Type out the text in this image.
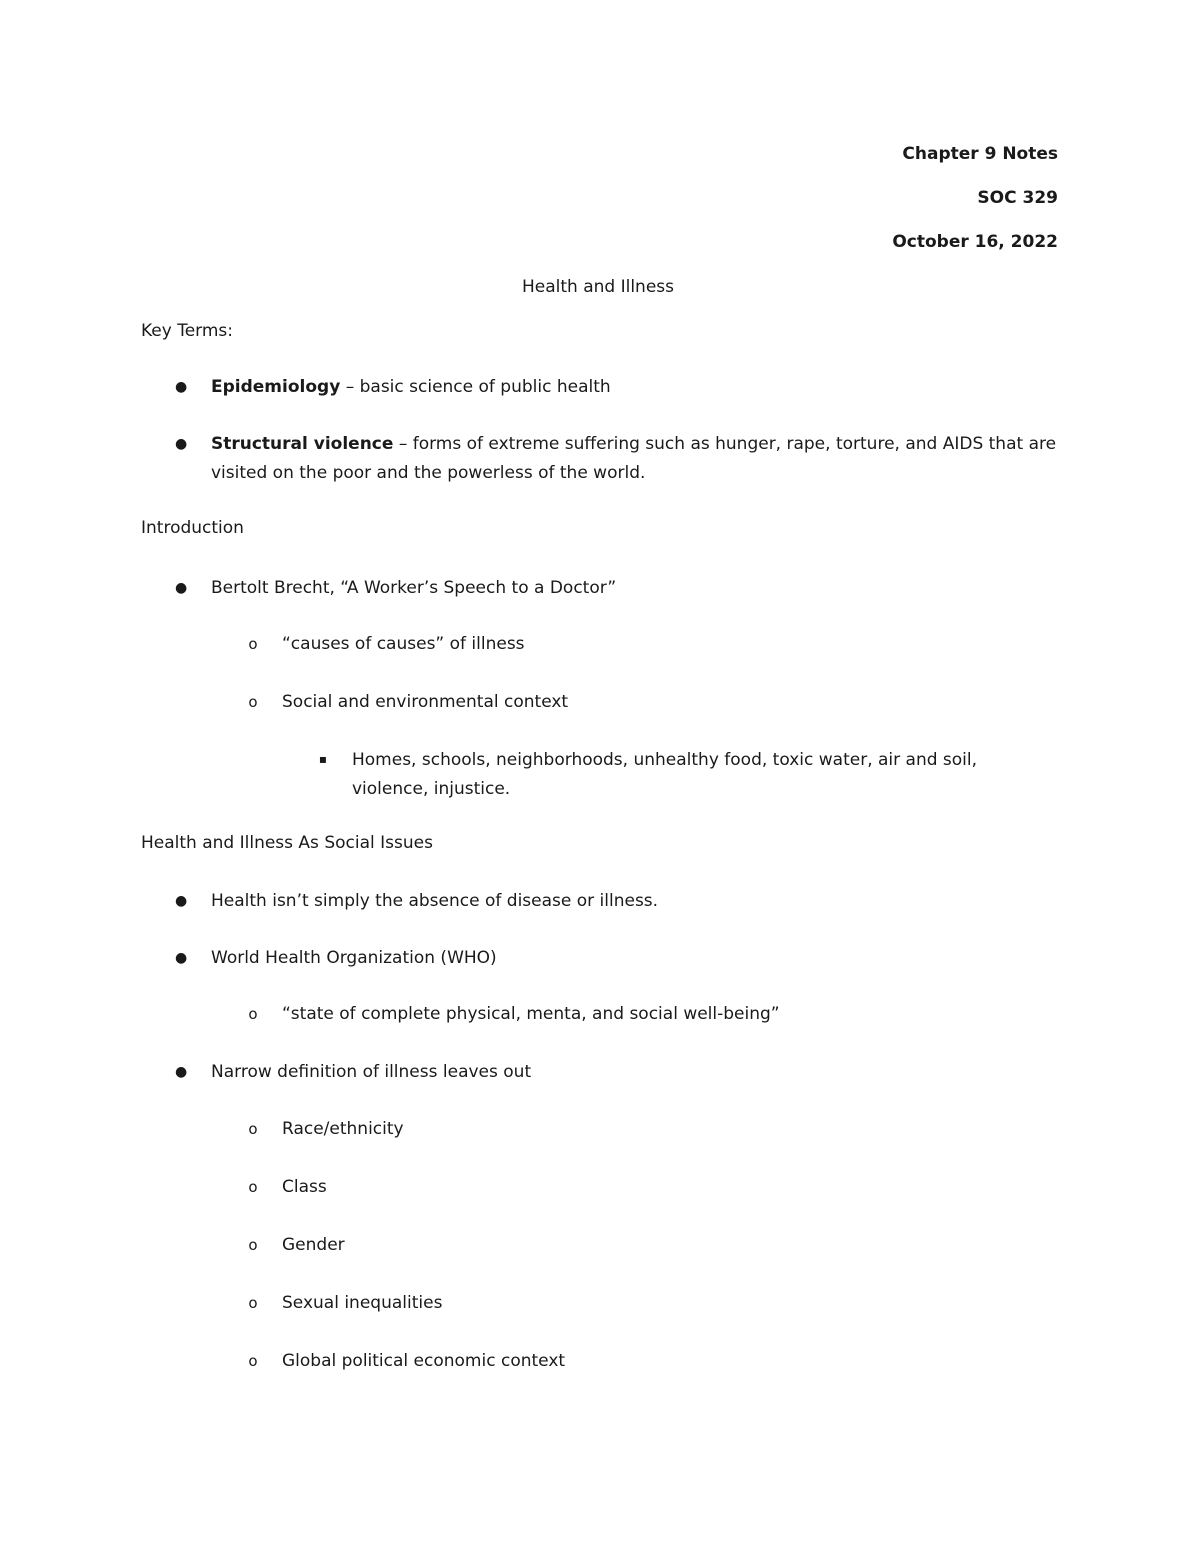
Chapter 9 Notes
SOC 329
October 16, 2022
Health and Illness
Key Terms:
● Epidemiology – basic science of public health
● Structural violence – forms of extreme suffering such as hunger, rape, torture, and AIDS that are visited on the poor and the powerless of the world.
Introduction
● Bertolt Brecht, “A Worker’s Speech to a Doctor”
o “causes of causes” of illness
o Social and environmental context
▪ Homes, schools, neighborhoods, unhealthy food, toxic water, air and soil, violence, injustice.
Health and Illness As Social Issues
● Health isn’t simply the absence of disease or illness.
● World Health Organization (WHO)
o “state of complete physical, menta, and social well-being”
● Narrow definition of illness leaves out
o Race/ethnicity
o Class
o Gender
o Sexual inequalities
o Global political economic context
